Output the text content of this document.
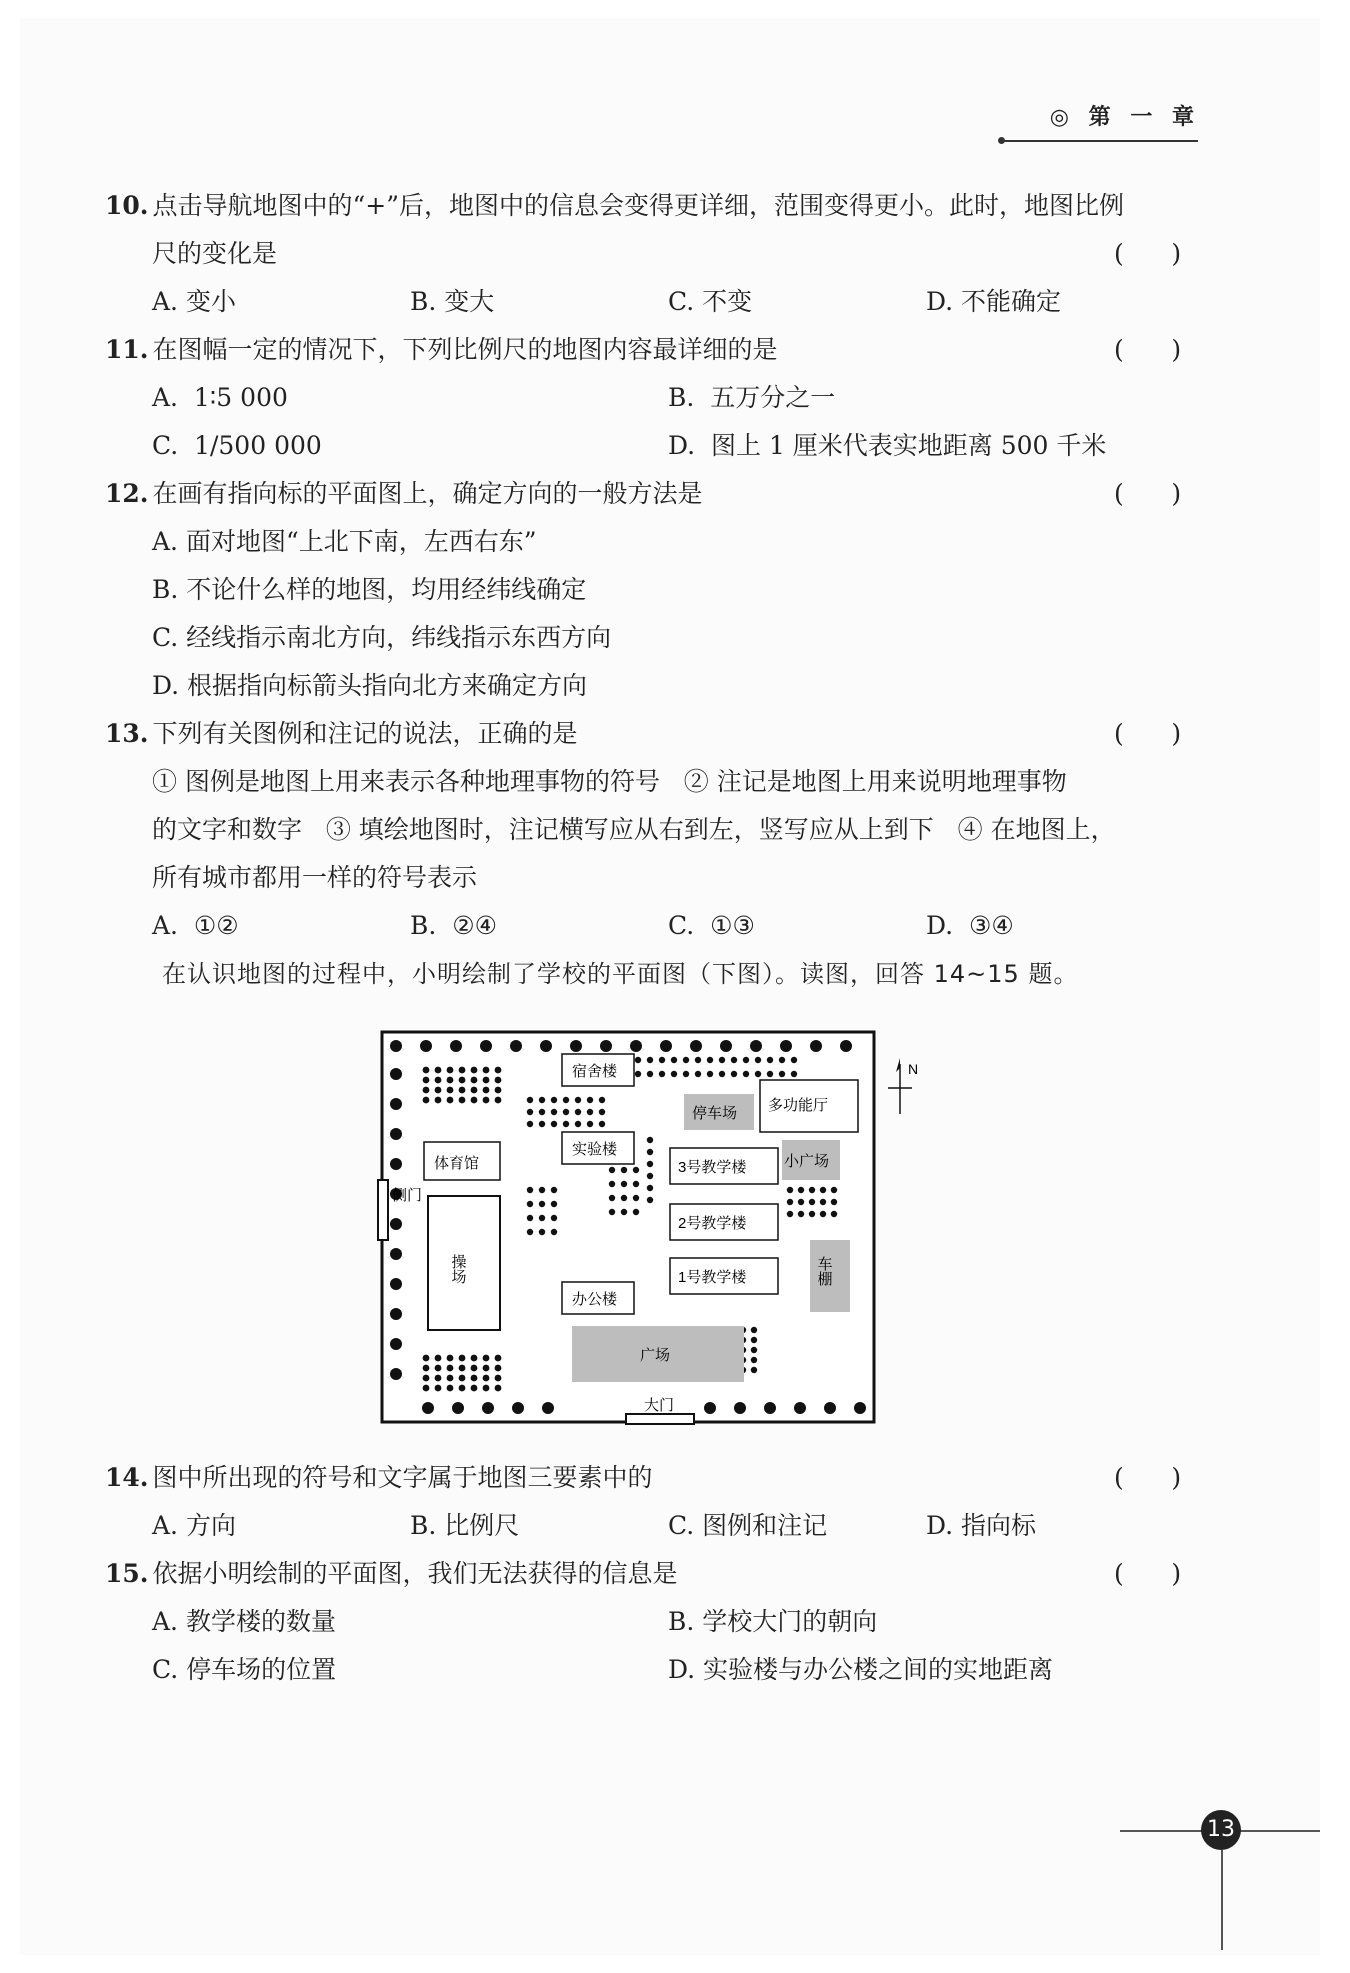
◎ 第 一 章
10. 点击导航地图中的“+”后，地图中的信息会变得更详细，范围变得更小。此时，地图比例
尺的变化是	(      )
A. 变小	B. 变大	C. 不变	D. 不能确定
11. 在图幅一定的情况下，下列比例尺的地图内容最详细的是	(      )
A.  1∶5 000	B.  五万分之一
C.  1/500 000	D.  图上 1 厘米代表实地距离 500 千米
12. 在画有指向标的平面图上，确定方向的一般方法是	(      )
A. 面对地图“上北下南，左西右东”
B. 不论什么样的地图，均用经纬线确定
C. 经线指示南北方向，纬线指示东西方向
D. 根据指向标箭头指向北方来确定方向
13. 下列有关图例和注记的说法，正确的是	(      )
① 图例是地图上用来表示各种地理事物的符号   ② 注记是地图上用来说明地理事物
的文字和数字   ③ 填绘地图时，注记横写应从右到左，竖写应从上到下   ④ 在地图上，
所有城市都用一样的符号表示
A.  ①②	B.  ②④	C.  ①③	D.  ③④
在认识地图的过程中，小明绘制了学校的平面图（下图）。读图，回答 14~15 题。
侧门
大门
宿舍楼
实验楼
体育馆
操场
办公楼
停车场 多功能厅
小广场
3号教学楼
2号教学楼
1号教学楼	车棚
广场
N
14. 图中所出现的符号和文字属于地图三要素中的	(      )
A. 方向	B. 比例尺	C. 图例和注记	D. 指向标
15. 依据小明绘制的平面图，我们无法获得的信息是	(      )
A. 教学楼的数量	B. 学校大门的朝向
C. 停车场的位置	D. 实验楼与办公楼之间的实地距离
13
